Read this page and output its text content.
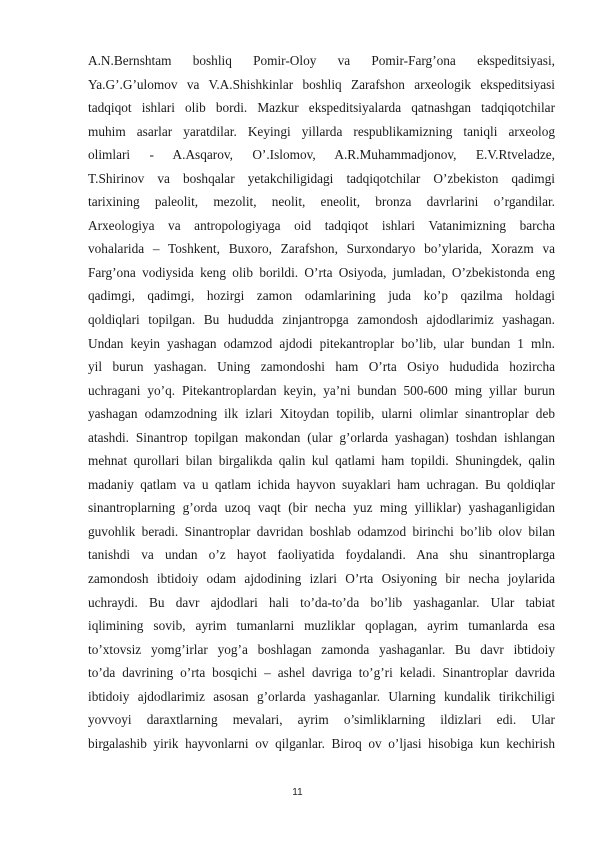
A.N.Bernshtam boshliq Pomir-Oloy va Pomir-Farg’ona ekspeditsiyasi,
Ya.G’.G’ulomov va V.A.Shishkinlar boshliq Zarafshon arxeologik ekspeditsiyasi
tadqiqot ishlari olib bordi. Mazkur ekspeditsiyalarda qatnashgan tadqiqotchilar
muhim asarlar yaratdilar. Keyingi yillarda respublikamizning taniqli arxeolog
olimlari - A.Asqarov, O’.Islomov, A.R.Muhammadjonov, E.V.Rtveladze,
T.Shirinov va boshqalar yetakchiligidagi tadqiqotchilar O’zbekiston qadimgi
tarixining paleolit, mezolit, neolit, eneolit, bronza davrlarini o’rgandilar.
Arxeologiya va antropologiyaga oid tadqiqot ishlari Vatanimizning barcha
vohalarida – Toshkent, Buxoro, Zarafshon, Surxondaryo bo’ylarida, Xorazm va
Farg’ona vodiysida keng olib borildi. O’rta Osiyoda, jumladan, O’zbekistonda eng
qadimgi, qadimgi, hozirgi zamon odamlarining juda ko’p qazilma holdagi
qoldiqlari topilgan. Bu hududda zinjantropga zamondosh ajdodlarimiz yashagan.
Undan keyin yashagan odamzod ajdodi pitekantroplar bo’lib, ular bundan 1 mln.
yil burun yashagan. Uning zamondoshi ham O’rta Osiyo hududida hozircha
uchragani yo’q. Pitekantroplardan keyin, ya’ni bundan 500-600 ming yillar burun
yashagan odamzodning ilk izlari Xitoydan topilib, ularni olimlar sinantroplar deb
atashdi. Sinantrop topilgan makondan (ular g’orlarda yashagan) toshdan ishlangan
mehnat qurollari bilan birgalikda qalin kul qatlami ham topildi. Shuningdek, qalin
madaniy qatlam va u qatlam ichida hayvon suyaklari ham uchragan. Bu qoldiqlar
sinantroplarning g’orda uzoq vaqt (bir necha yuz ming yilliklar) yashaganligidan
guvohlik beradi. Sinantroplar davridan boshlab odamzod birinchi bo’lib olov bilan
tanishdi va undan o’z hayot faoliyatida foydalandi. Ana shu sinantroplarga
zamondosh ibtidoiy odam ajdodining izlari O’rta Osiyoning bir necha joylarida
uchraydi. Bu davr ajdodlari hali to’da-to’da bo’lib yashaganlar. Ular tabiat
iqlimining sovib, ayrim tumanlarni muzliklar qoplagan, ayrim tumanlarda esa
to’xtovsiz yomg’irlar yog’a boshlagan zamonda yashaganlar. Bu davr ibtidoiy
to’da davrining o’rta bosqichi – ashel davriga to’g’ri keladi. Sinantroplar davrida
ibtidoiy ajdodlarimiz asosan g’orlarda yashaganlar. Ularning kundalik tirikchiligi
yovvoyi daraxtlarning mevalari, ayrim o’simliklarning ildizlari edi. Ular
birgalashib yirik hayvonlarni ov qilganlar. Biroq ov o’ljasi hisobiga kun kechirish
11
